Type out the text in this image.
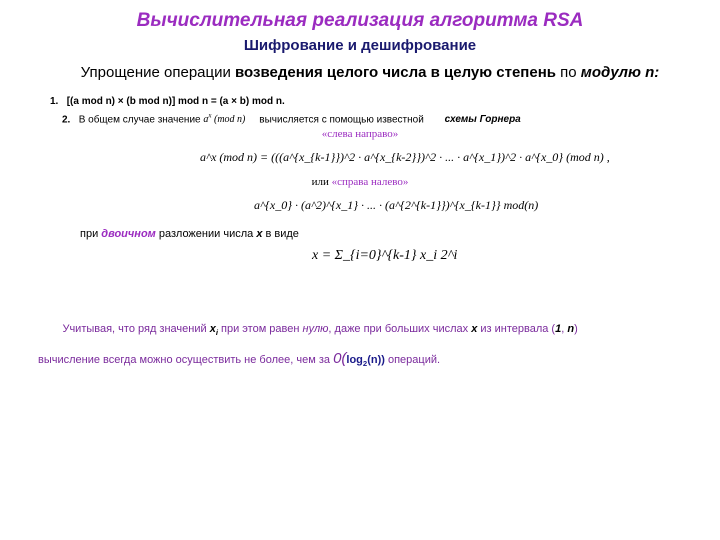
Вычислительная реализация алгоритма RSA
Шифрование и дешифрование
Упрощение операции возведения целого числа в целую степень по модулю n:
1. [(a mod n) × (b mod n)] mod n = (a × b) mod n.
2. В общем случае значение $a^x$ (mod n) вычисляется с помощью известной схемы Горнера
«слева направо»
a^x (mod n) = (((a^{x_{k-1}})^2 · a^{x_{k-2}})^2 · ... · a^{x_1})^2 · a^{x_0} (mod n) ,
или «справа налево»
a^{x_0} · (a^2)^{x_1} · ... · (a^{2^{k-1}})^{x_{k-1}} mod(n)
при двоичном разложении числа x в виде
x = Σ_{i=0}^{k-1} x_i 2^i
Учитывая, что ряд значений $x_i$ при этом равен нулю, даже при больших числах x из интервала (1, n)
вычисление всегда можно осуществить не более, чем за $0(\log_2(n))$ операций.
